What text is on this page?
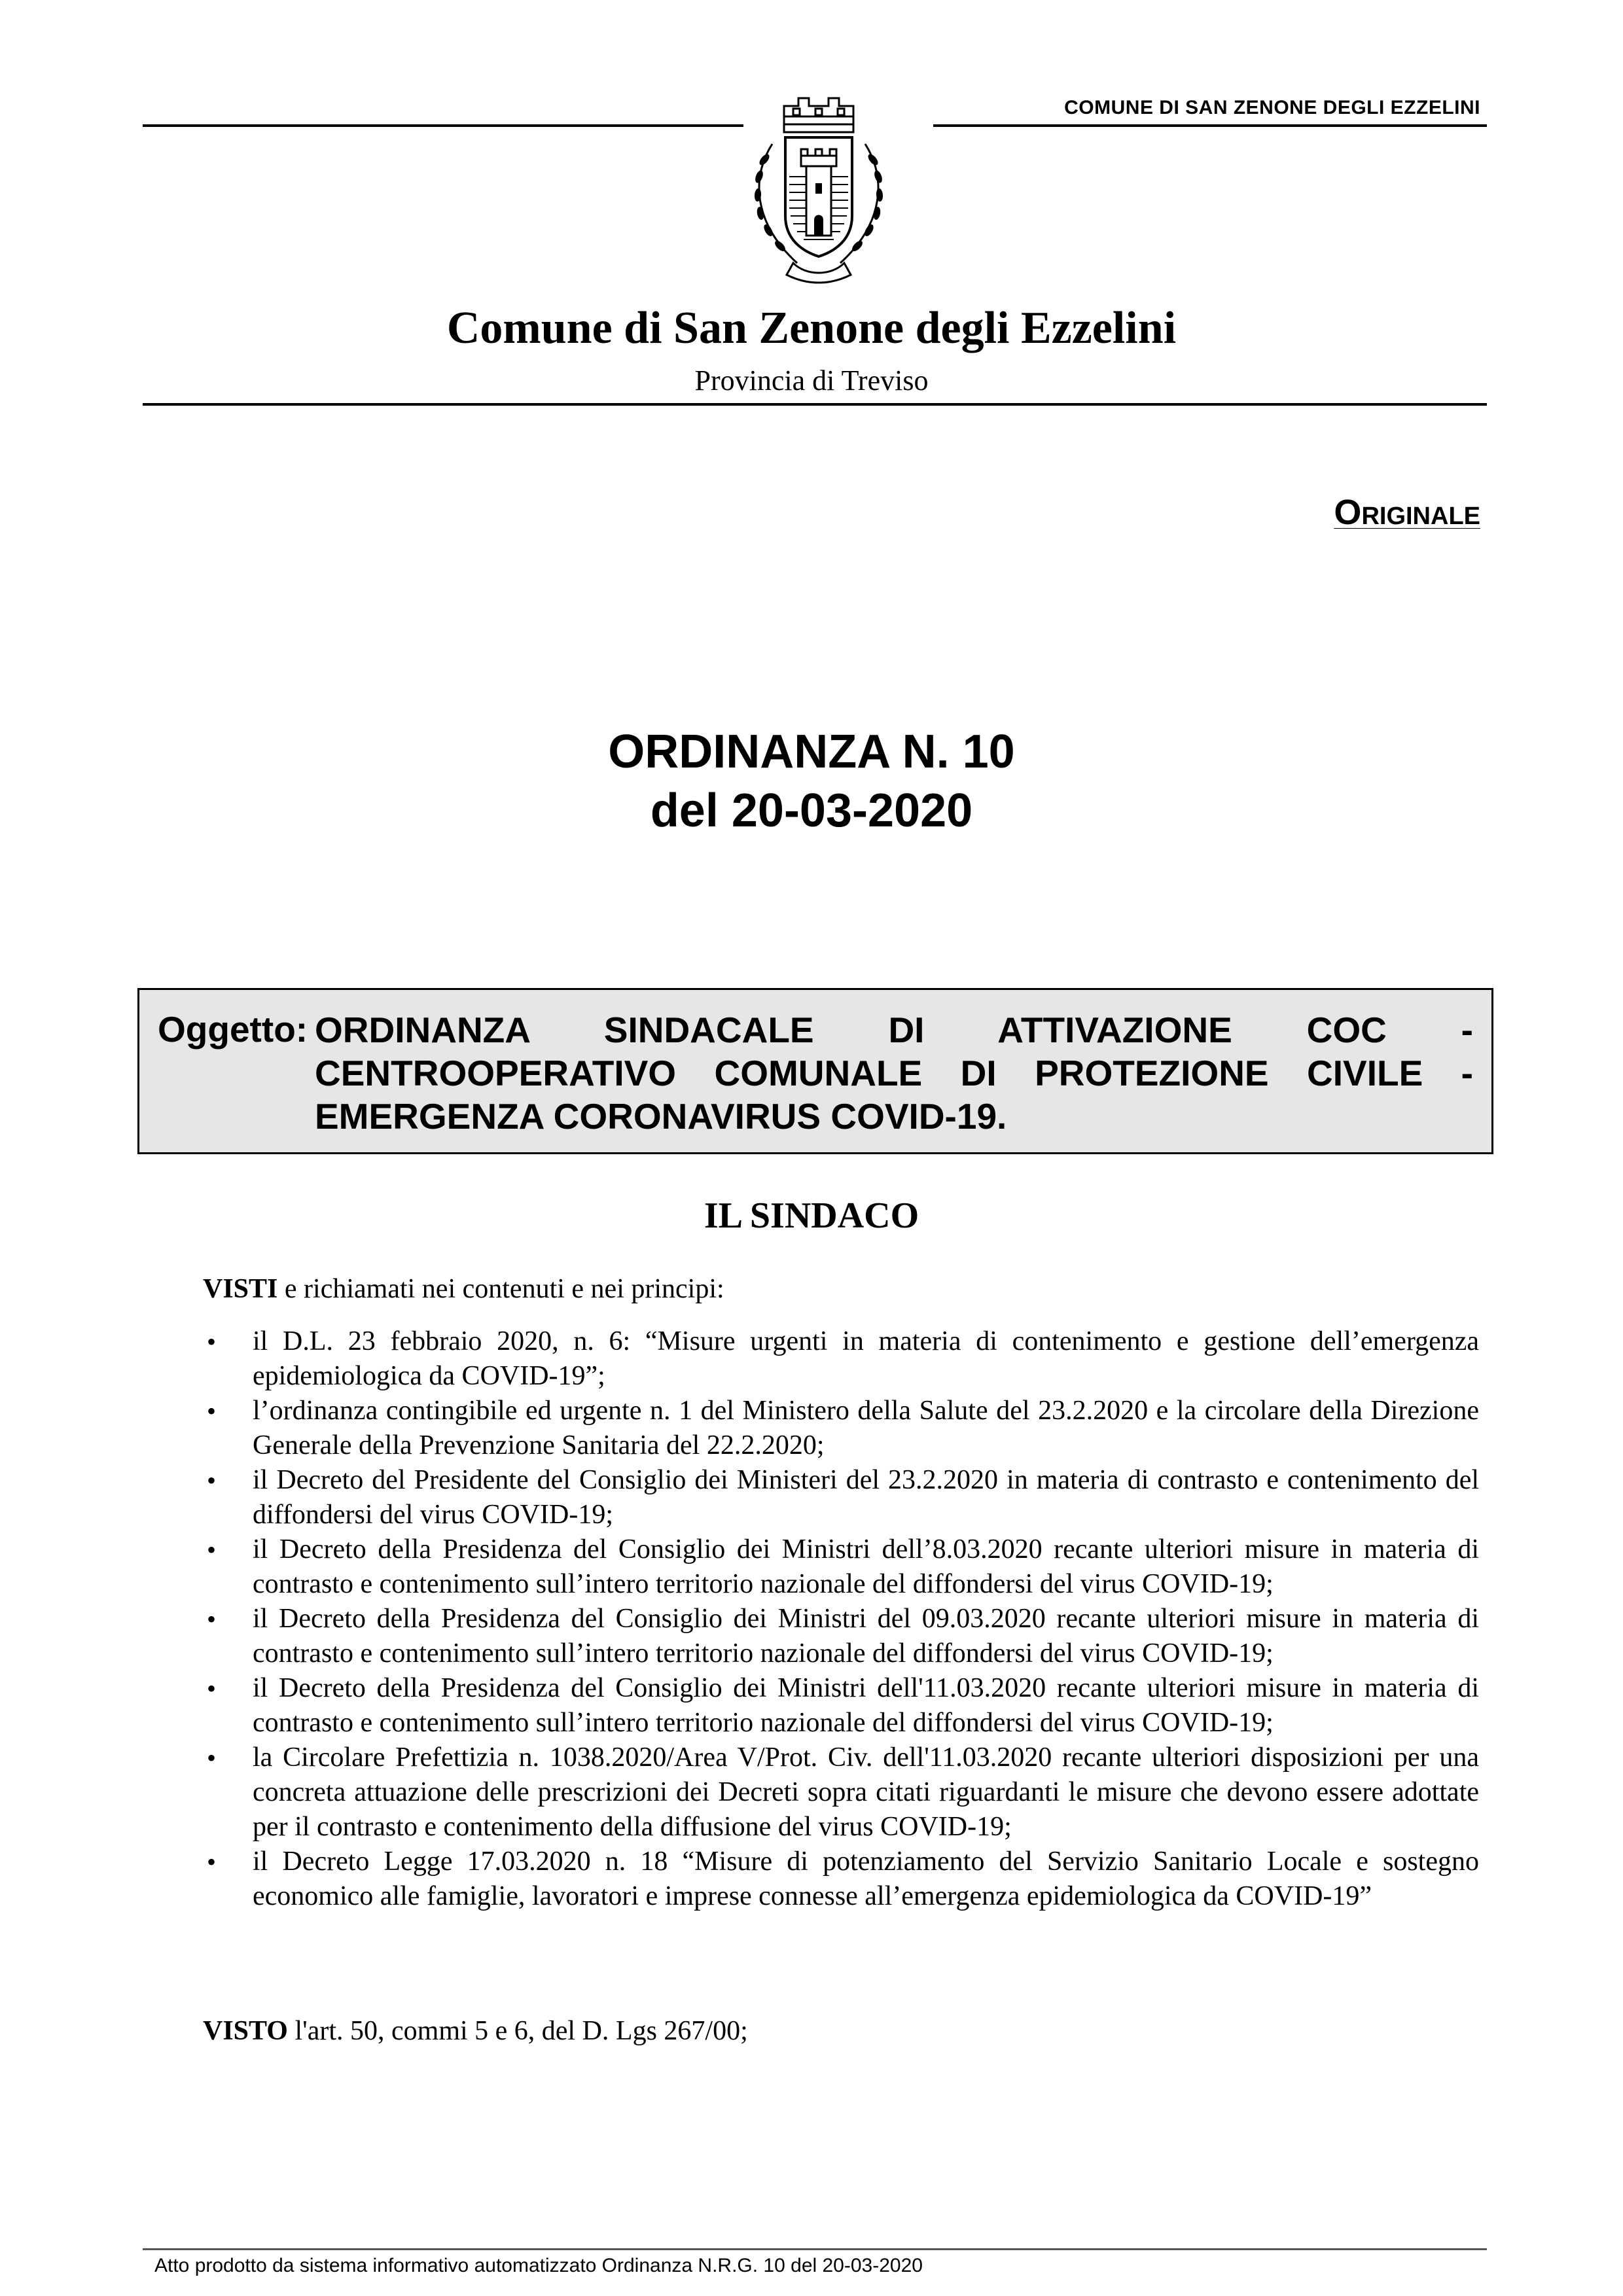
COMUNE DI SAN ZENONE DEGLI EZZELINI
Comune di San Zenone degli Ezzelini
Provincia di Treviso
ORIGINALE
ORDINANZA N. 10
del 20-03-2020
Oggetto: ORDINANZA SINDACALE DI ATTIVAZIONE COC - CENTROOPERATIVO COMUNALE DI PROTEZIONE CIVILE - EMERGENZA CORONAVIRUS COVID-19.
IL SINDACO
VISTI e richiamati nei contenuti e nei principi:
• il D.L. 23 febbraio 2020, n. 6: “Misure urgenti in materia di contenimento e gestione dell’emergenza epidemiologica da COVID-19”;
• l’ordinanza contingibile ed urgente n. 1 del Ministero della Salute del 23.2.2020 e la circolare della Direzione Generale della Prevenzione Sanitaria del 22.2.2020;
• il Decreto del Presidente del Consiglio dei Ministeri del 23.2.2020 in materia di contrasto e contenimento del diffondersi del virus COVID-19;
• il Decreto della Presidenza del Consiglio dei Ministri dell’8.03.2020 recante ulteriori misure in materia di contrasto e contenimento sull’intero territorio nazionale del diffondersi del virus COVID-19;
• il Decreto della Presidenza del Consiglio dei Ministri del 09.03.2020 recante ulteriori misure in materia di contrasto e contenimento sull’intero territorio nazionale del diffondersi del virus COVID-19;
• il Decreto della Presidenza del Consiglio dei Ministri dell'11.03.2020 recante ulteriori misure in materia di contrasto e contenimento sull’intero territorio nazionale del diffondersi del virus COVID-19;
• la Circolare Prefettizia n. 1038.2020/Area V/Prot. Civ. dell'11.03.2020 recante ulteriori disposizioni per una concreta attuazione delle prescrizioni dei Decreti sopra citati riguardanti le misure che devono essere adottate per il contrasto e contenimento della diffusione del virus COVID-19;
• il Decreto Legge 17.03.2020 n. 18 “Misure di potenziamento del Servizio Sanitario Locale e sostegno economico alle famiglie, lavoratori e imprese connesse all’emergenza epidemiologica da COVID-19”
VISTO l'art. 50, commi 5 e 6, del D. Lgs 267/00;
Atto prodotto da sistema informativo automatizzato Ordinanza N.R.G. 10 del 20-03-2020
